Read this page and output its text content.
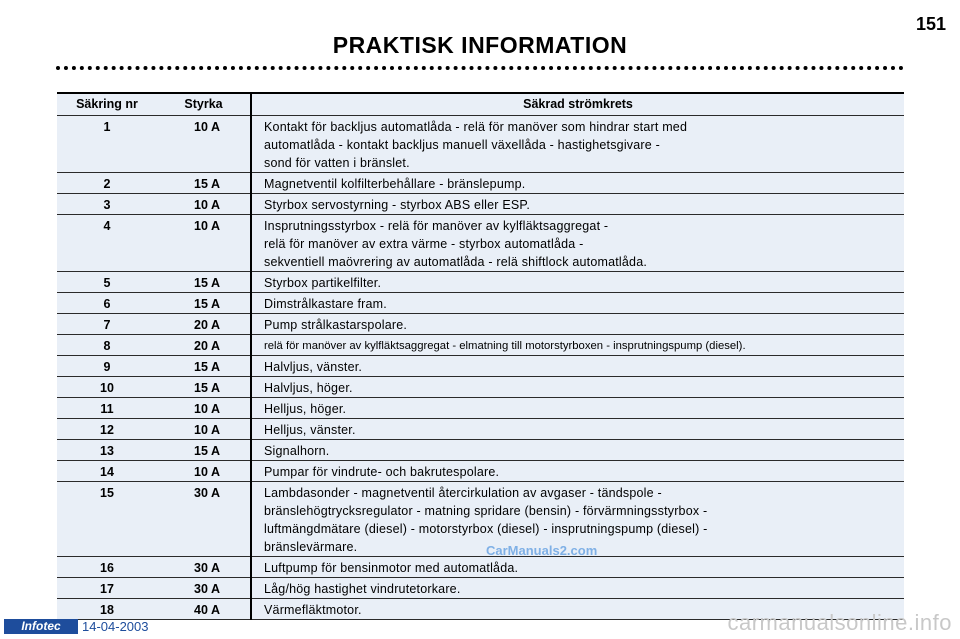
151
PRAKTISK INFORMATION
Säkring nr	Styrka	Säkrad strömkrets
1	10 A	Kontakt för backljus automatlåda - relä för manöver som hindrar start med
automatlåda - kontakt backljus manuell växellåda - hastighetsgivare -
sond för vatten i bränslet.

2	15 A	Magnetventil kolfilterbehållare - bränslepump.

3	10 A	Styrbox servostyrning - styrbox ABS eller ESP.

4	10 A	Insprutningsstyrbox - relä för manöver av kylfläktsaggregat -
relä för manöver av extra värme - styrbox automatlåda -
sekventiell maövrering av automatlåda - relä shiftlock automatlåda.

5	15 A	Styrbox partikelfilter.

6	15 A	Dimstrålkastare fram.

7	20 A	Pump strålkastarspolare.

8	20 A	relä för manöver av kylfläktsaggregat - elmatning till motorstyrboxen - insprutningspump (diesel).

9	15 A	Halvljus, vänster.

10	15 A	Halvljus, höger.

11	10 A	Helljus, höger.

12	10 A	Helljus, vänster.

13	15 A	Signalhorn.

14	10 A	Pumpar för vindrute- och bakrutespolare.

15	30 A	Lambdasonder - magnetventil återcirkulation av avgaser - tändspole -
bränslehögtrycksregulator - matning spridare (bensin) - förvärmningsstyrbox -
luftmängdmätare (diesel) - motorstyrbox (diesel) - insprutningspump (diesel) -
bränslevärmare.

16	30 A	Luftpump för bensinmotor med automatlåda.

17	30 A	Låg/hög hastighet vindrutetorkare.

18	40 A	Värmefläktmotor.
CarManuals2.com
Infotec	14-04-2003	carmanualsonline.info
